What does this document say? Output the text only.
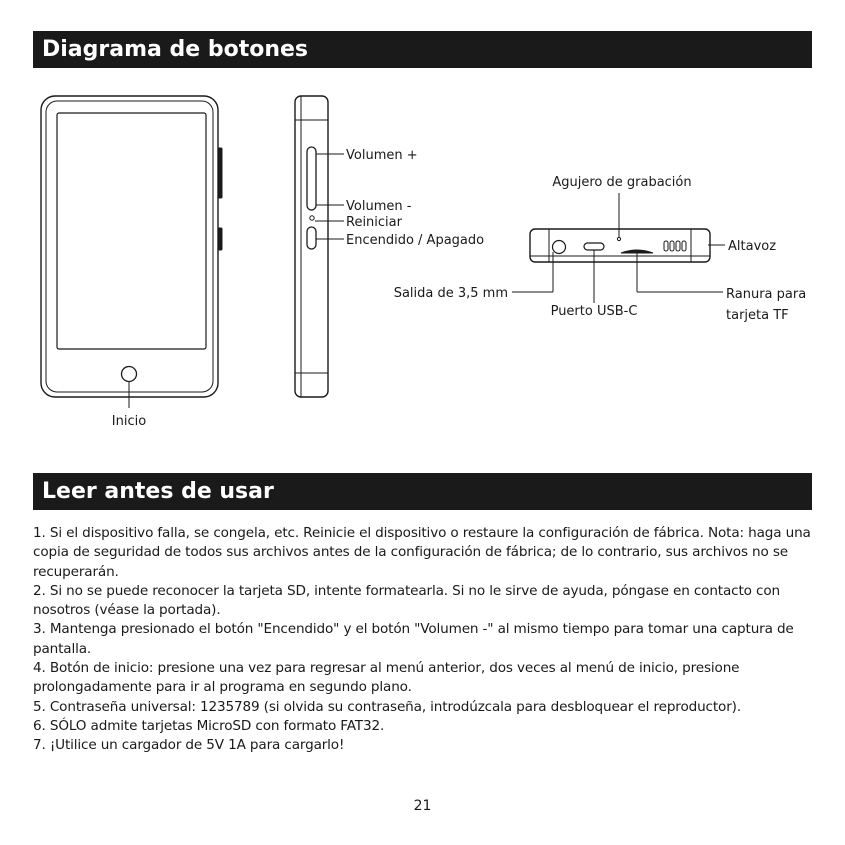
Diagrama de botones
Inicio
Volumen +
Volumen -
Reiniciar
Encendido / Apagado
Agujero de grabación
Altavoz
Salida de 3,5 mm
Puerto USB-C
Ranura para
tarjeta TF
Leer antes de usar
1. Si el dispositivo falla, se congela, etc. Reinicie el dispositivo o restaure la configuración de fábrica. Nota: haga una copia de seguridad de todos sus archivos antes de la configuración de fábrica; de lo contrario, sus archivos no se recuperarán.
2. Si no se puede reconocer la tarjeta SD, intente formatearla. Si no le sirve de ayuda, póngase en contacto con nosotros (véase la portada).
3. Mantenga presionado el botón "Encendido" y el botón "Volumen -" al mismo tiempo para tomar una captura de pantalla.
4. Botón de inicio: presione una vez para regresar al menú anterior, dos veces al menú de inicio, presione prolongadamente para ir al programa en segundo plano.
5. Contraseña universal: 1235789 (si olvida su contraseña, introdúzcala para desbloquear el reproductor).
6. SÓLO admite tarjetas MicroSD con formato FAT32.
7. ¡Utilice un cargador de 5V 1A para cargarlo!
21
